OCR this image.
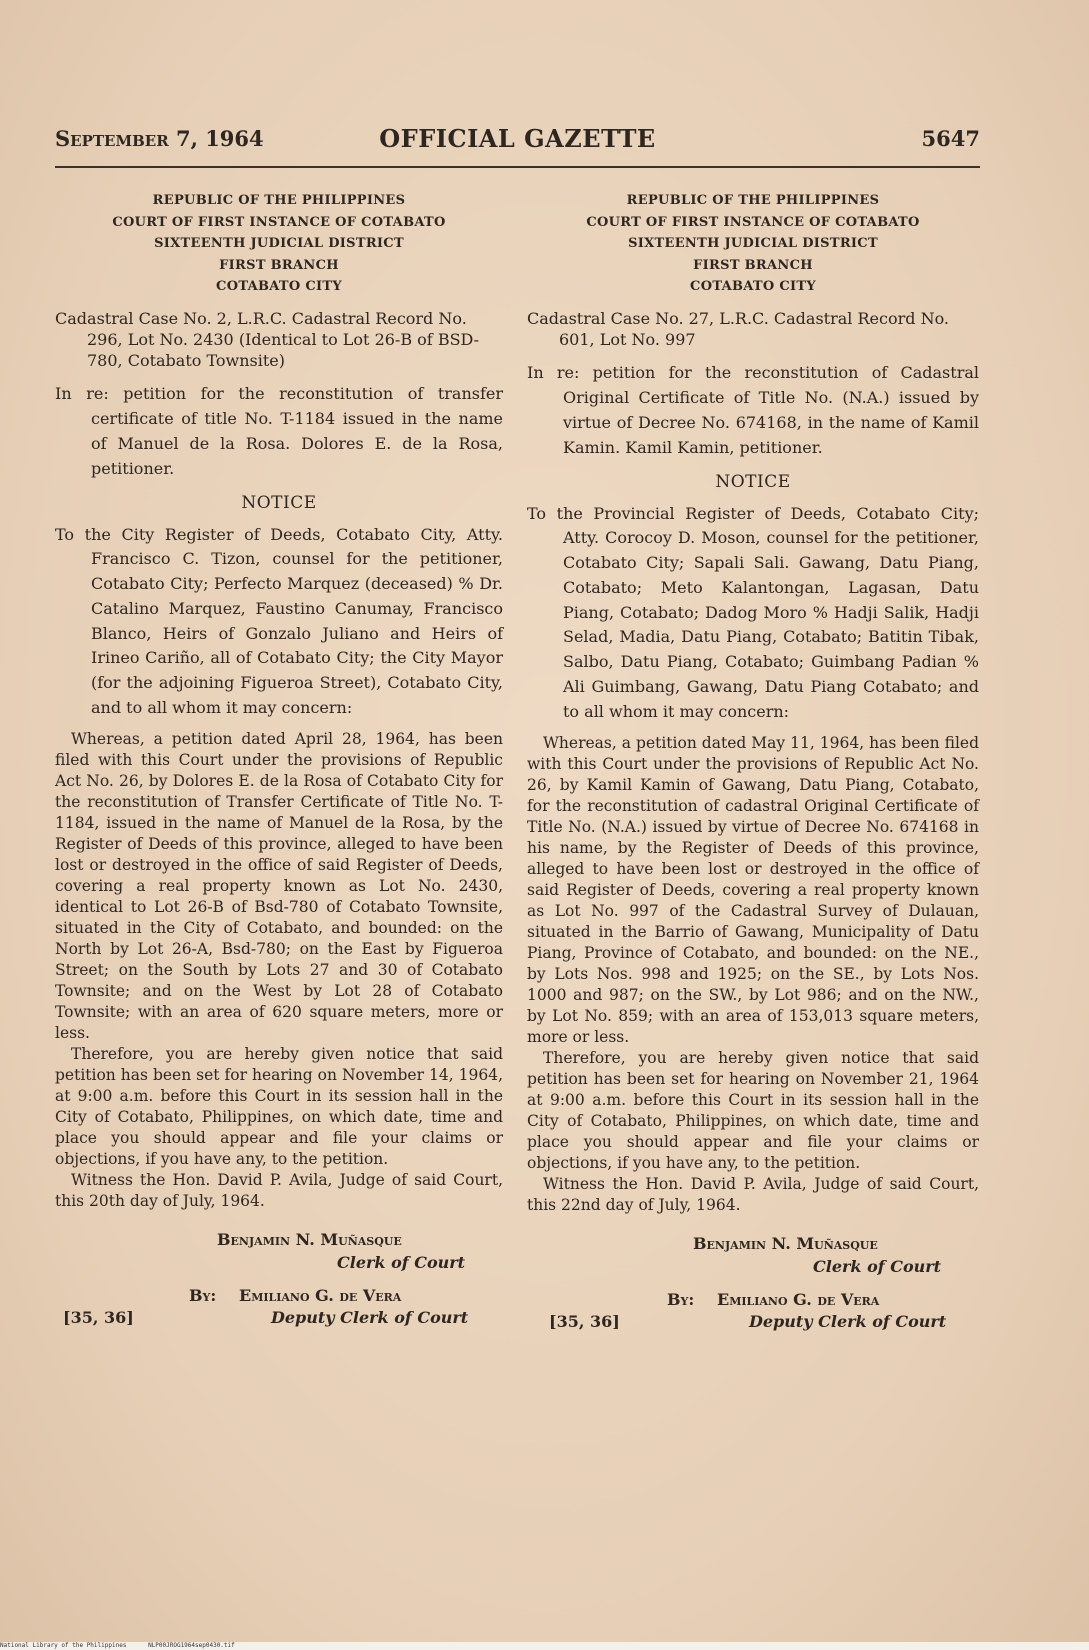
September 7, 1964	OFFICIAL GAZETTE	5647
REPUBLIC OF THE PHILIPPINES
COURT OF FIRST INSTANCE OF COTABATO
SIXTEENTH JUDICIAL DISTRICT
FIRST BRANCH
COTABATO CITY
Cadastral Case No. 2, L.R.C. Cadastral Record No. 296, Lot No. 2430 (Identical to Lot 26-B of BSD-780, Cotabato Townsite)
In re: petition for the reconstitution of transfer certificate of title No. T-1184 issued in the name of Manuel de la Rosa. Dolores E. de la Rosa, petitioner.
NOTICE
To the City Register of Deeds, Cotabato City, Atty. Francisco C. Tizon, counsel for the petitioner, Cotabato City; Perfecto Marquez (deceased) % Dr. Catalino Marquez, Faustino Canumay, Francisco Blanco, Heirs of Gonzalo Juliano and Heirs of Irineo Cariño, all of Cotabato City; the City Mayor (for the adjoining Figueroa Street), Cotabato City, and to all whom it may concern:

Whereas, a petition dated April 28, 1964, has been filed with this Court under the provisions of Republic Act No. 26, by Dolores E. de la Rosa of Cotabato City for the reconstitution of Transfer Certificate of Title No. T-1184, issued in the name of Manuel de la Rosa, by the Register of Deeds of this province, alleged to have been lost or destroyed in the office of said Register of Deeds, covering a real property known as Lot No. 2430, identical to Lot 26-B of Bsd-780 of Cotabato Townsite, situated in the City of Cotabato, and bounded: on the North by Lot 26-A, Bsd-780; on the East by Figueroa Street; on the South by Lots 27 and 30 of Cotabato Townsite; and on the West by Lot 28 of Cotabato Townsite; with an area of 620 square meters, more or less.

Therefore, you are hereby given notice that said petition has been set for hearing on November 14, 1964, at 9:00 a.m. before this Court in its session hall in the City of Cotabato, Philippines, on which date, time and place you should appear and file your claims or objections, if you have any, to the petition.

Witness the Hon. David P. Avila, Judge of said Court, this 20th day of July, 1964.

Benjamin N. Muñasque
Clerk of Court
By: Emiliano G. de Vera
[35, 36]	Deputy Clerk of Court
REPUBLIC OF THE PHILIPPINES
COURT OF FIRST INSTANCE OF COTABATO
SIXTEENTH JUDICIAL DISTRICT
FIRST BRANCH
COTABATO CITY
Cadastral Case No. 27, L.R.C. Cadastral Record No. 601, Lot No. 997
In re: petition for the reconstitution of Cadastral Original Certificate of Title No. (N.A.) issued by virtue of Decree No. 674168, in the name of Kamil Kamin. Kamil Kamin, petitioner.
NOTICE
To the Provincial Register of Deeds, Cotabato City; Atty. Corocoy D. Moson, counsel for the petitioner, Cotabato City; Sapali Sali. Gawang, Datu Piang, Cotabato; Meto Kalantongan, Lagasan, Datu Piang, Cotabato; Dadog Moro % Hadji Salik, Hadji Selad, Madia, Datu Piang, Cotabato; Batitin Tibak, Salbo, Datu Piang, Cotabato; Guimbang Padian % Ali Guimbang, Gawang, Datu Piang Cotabato; and to all whom it may concern:

Whereas, a petition dated May 11, 1964, has been filed with this Court under the provisions of Republic Act No. 26, by Kamil Kamin of Gawang, Datu Piang, Cotabato, for the reconstitution of cadastral Original Certificate of Title No. (N.A.) issued by virtue of Decree No. 674168 in his name, by the Register of Deeds of this province, alleged to have been lost or destroyed in the office of said Register of Deeds, covering a real property known as Lot No. 997 of the Cadastral Survey of Dulauan, situated in the Barrio of Gawang, Municipality of Datu Piang, Province of Cotabato, and bounded: on the NE., by Lots Nos. 998 and 1925; on the SE., by Lots Nos. 1000 and 987; on the SW., by Lot 986; and on the NW., by Lot No. 859; with an area of 153,013 square meters, more or less.

Therefore, you are hereby given notice that said petition has been set for hearing on November 21, 1964 at 9:00 a.m. before this Court in its session hall in the City of Cotabato, Philippines, on which date, time and place you should appear and file your claims or objections, if you have any, to the petition.

Witness the Hon. David P. Avila, Judge of said Court, this 22nd day of July, 1964.

Benjamin N. Muñasque
Clerk of Court
By: Emiliano G. de Vera
[35, 36]	Deputy Clerk of Court
National Library of the Philippines	NLP00JROG1964sep0430.tif
